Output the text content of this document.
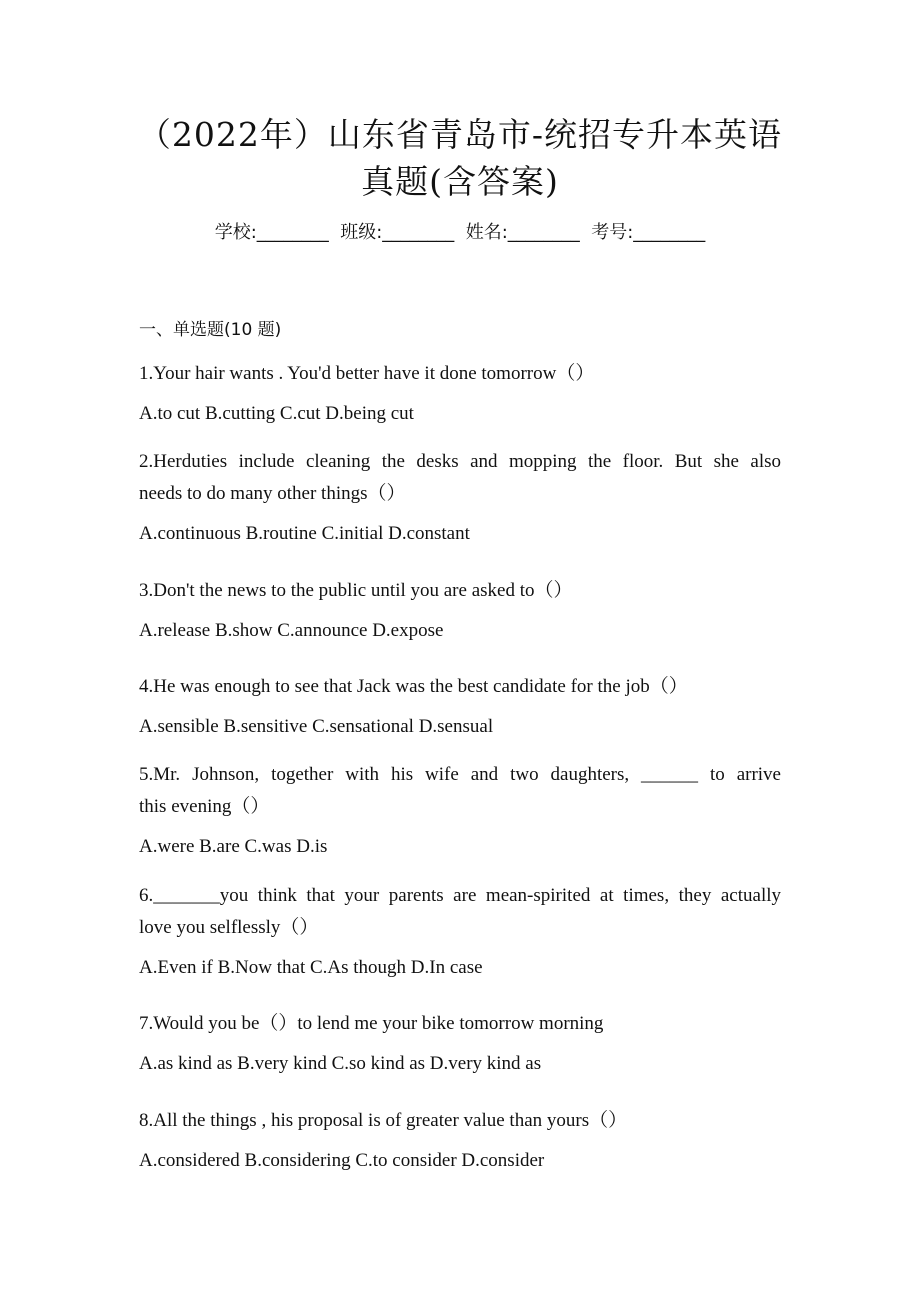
（2022年）山东省青岛市-统招专升本英语
真题(含答案)
学校:________  班级:________  姓名:________  考号:________
一、单选题(10 题)
1.Your hair wants . You'd better have it done tomorrow（）
A.to cut B.cutting C.cut D.being cut
2.Herduties include cleaning the desks and mopping the floor. But she also
needs to do many other things（）
A.continuous B.routine C.initial D.constant
3.Don't the news to the public until you are asked to（）
A.release B.show C.announce D.expose
4.He was enough to see that Jack was the best candidate for the job（）
A.sensible B.sensitive C.sensational D.sensual
5.Mr. Johnson, together with his wife and two daughters, ______ to arrive
this evening（）
A.were B.are C.was D.is
6._______you think that your parents are mean-spirited at times, they actually
love you selflessly（）
A.Even if B.Now that C.As though D.In case
7.Would you be（）to lend me your bike tomorrow morning
A.as kind as B.very kind C.so kind as D.very kind as
8.All the things , his proposal is of greater value than yours（）
A.considered B.considering C.to consider D.consider
